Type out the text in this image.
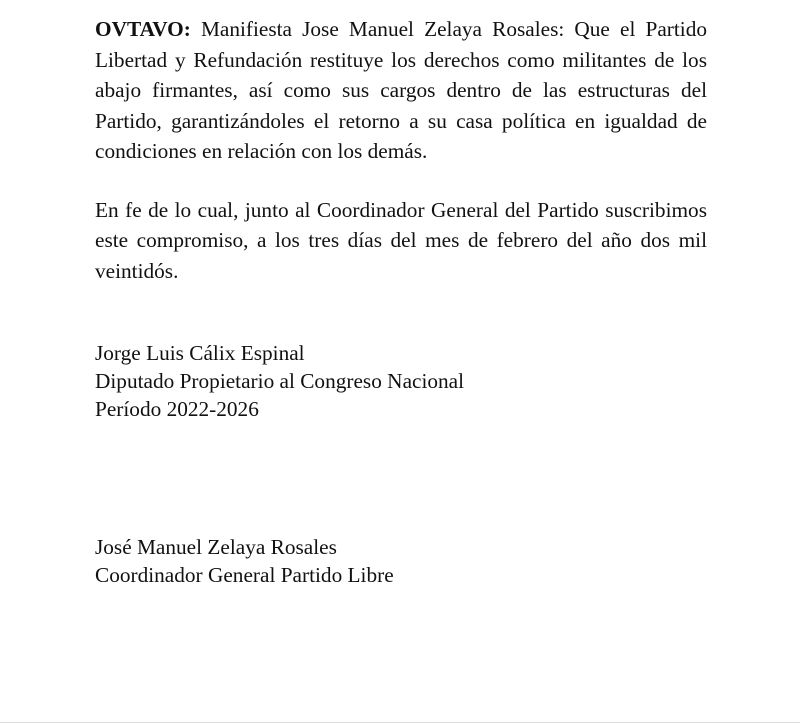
OVTAVO: Manifiesta Jose Manuel Zelaya Rosales: Que el Partido Libertad y Refundación restituye los derechos como militantes de los abajo firmantes, así como sus cargos dentro de las estructuras del Partido, garantizándoles el retorno a su casa política en igualdad de condiciones en relación con los demás.

En fe de lo cual, junto al Coordinador General del Partido suscribimos este compromiso, a los tres días del mes de febrero del año dos mil veintidós.

Jorge Luis Cálix Espinal
Diputado Propietario al Congreso Nacional
Período 2022-2026
José Manuel Zelaya Rosales
Coordinador General Partido Libre
